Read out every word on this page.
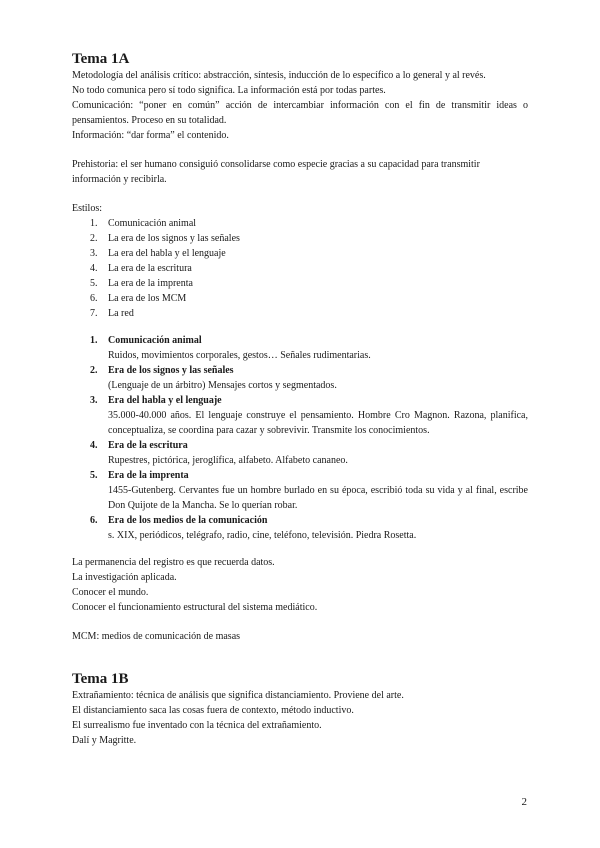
Tema 1A

Metodología del análisis crítico: abstracción, síntesis, inducción de lo específico a lo general y al revés.

No todo comunica pero sí todo significa. La información está por todas partes.

Comunicación: “poner en común” acción de intercambiar información con el fin de transmitir ideas o pensamientos. Proceso en su totalidad.

Información: “dar forma” el contenido.

Prehistoria: el ser humano consiguió consolidarse como especie gracias a su capacidad para transmitir información y recibirla.

Estilos:

1.	Comunicación animal
2.	La era de los signos y las señales
3.	La era del habla y el lenguaje
4.	La era de la escritura
5.	La era de la imprenta
6.	La era de los MCM
7.	La red
1. Comunicación animal
Ruidos, movimientos corporales, gestos… Señales rudimentarias.
2. Era de los signos y las señales
(Lenguaje de un árbitro) Mensajes cortos y segmentados.
3. Era del habla y el lenguaje
35.000-40.000 años. El lenguaje construye el pensamiento. Hombre Cro Magnon. Razona, planifica, conceptualiza, se coordina para cazar y sobrevivir. Transmite los conocimientos.
4. Era de la escritura
Rupestres, pictórica, jeroglífica, alfabeto. Alfabeto cananeo.
5. Era de la imprenta
1455-Gutenberg. Cervantes fue un hombre burlado en su época, escribió toda su vida y al final, escribe Don Quijote de la Mancha. Se lo querían robar.
6. Era de los medios de la comunicación
s. XIX, periódicos, telégrafo, radio, cine, teléfono, televisión. Piedra Rosetta.

La permanencia del registro es que recuerda datos.

La investigación aplicada.

Conocer el mundo.

Conocer el funcionamiento estructural del sistema mediático.

MCM: medios de comunicación de masas

Tema 1B

Extrañamiento: técnica de análisis que significa distanciamiento. Proviene del arte.

El distanciamiento saca las cosas fuera de contexto, método inductivo.

El surrealismo fue inventado con la técnica del extrañamiento.

Dalí y Magritte.

2
